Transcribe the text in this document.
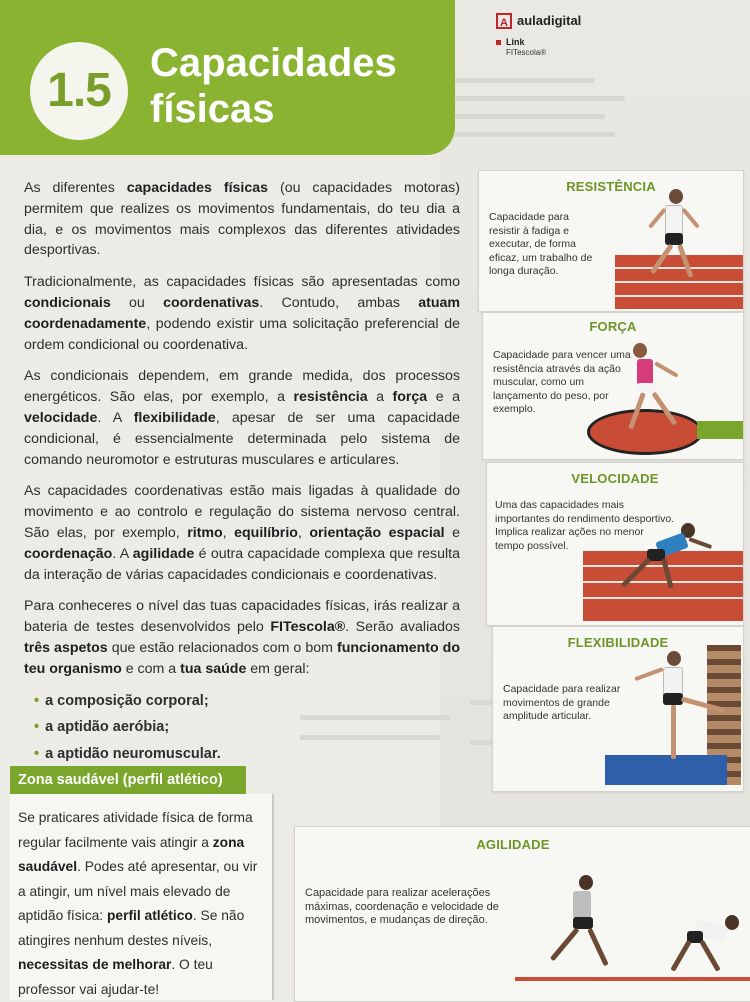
1.5
Capacidades
físicas
A auladigital
Link
FITescola®

As diferentes capacidades físicas (ou capacidades motoras) permitem que realizes os movimentos fundamentais, do teu dia a dia, e os movimentos mais complexos das diferentes atividades desportivas.

Tradicionalmente, as capacidades físicas são apresentadas como condicionais ou coordenativas. Contudo, ambas atuam coordenadamente, podendo existir uma solicitação preferencial de ordem condicional ou coordenativa.

As condicionais dependem, em grande medida, dos processos energéticos. São elas, por exemplo, a resistência a força e a velocidade. A flexibilidade, apesar de ser uma capacidade condicional, é essencialmente determinada pelo sistema de comando neuromotor e estruturas musculares e articulares.

As capacidades coordenativas estão mais ligadas à qualidade do movimento e ao controlo e regulação do sistema nervoso central. São elas, por exemplo, ritmo, equilíbrio, orientação espacial e coordenação. A agilidade é outra capacidade complexa que resulta da interação de várias capacidades condicionais e coordenativas.

Para conheceres o nível das tuas capacidades físicas, irás realizar a bateria de testes desenvolvidos pelo FITescola®. Serão avaliados três aspetos que estão relacionados com o bom funcionamento do teu organismo e com a tua saúde em geral:

• a composição corporal;
• a aptidão aeróbia;
• a aptidão neuromuscular.
Zona saudável (perfil atlético)
Se praticares atividade física de forma regular facilmente vais atingir a zona saudável. Podes até apresentar, ou vir a atingir, um nível mais elevado de aptidão física: perfil atlético. Se não atingires nenhum destes níveis, necessitas de melhorar. O teu professor vai ajudar-te!
RESISTÊNCIA
Capacidade para resistir à fadiga e executar, de forma eficaz, um trabalho de longa duração.
FORÇA
Capacidade para vencer uma resistência através da ação muscular, como um lançamento do peso, por exemplo.
VELOCIDADE
Uma das capacidades mais importantes do rendimento desportivo. Implica realizar ações no menor tempo possível.
FLEXIBILIDADE
Capacidade para realizar movimentos de grande amplitude articular.
AGILIDADE
Capacidade para realizar acelerações máximas, coordenação e velocidade de movimentos, e mudanças de direção.
